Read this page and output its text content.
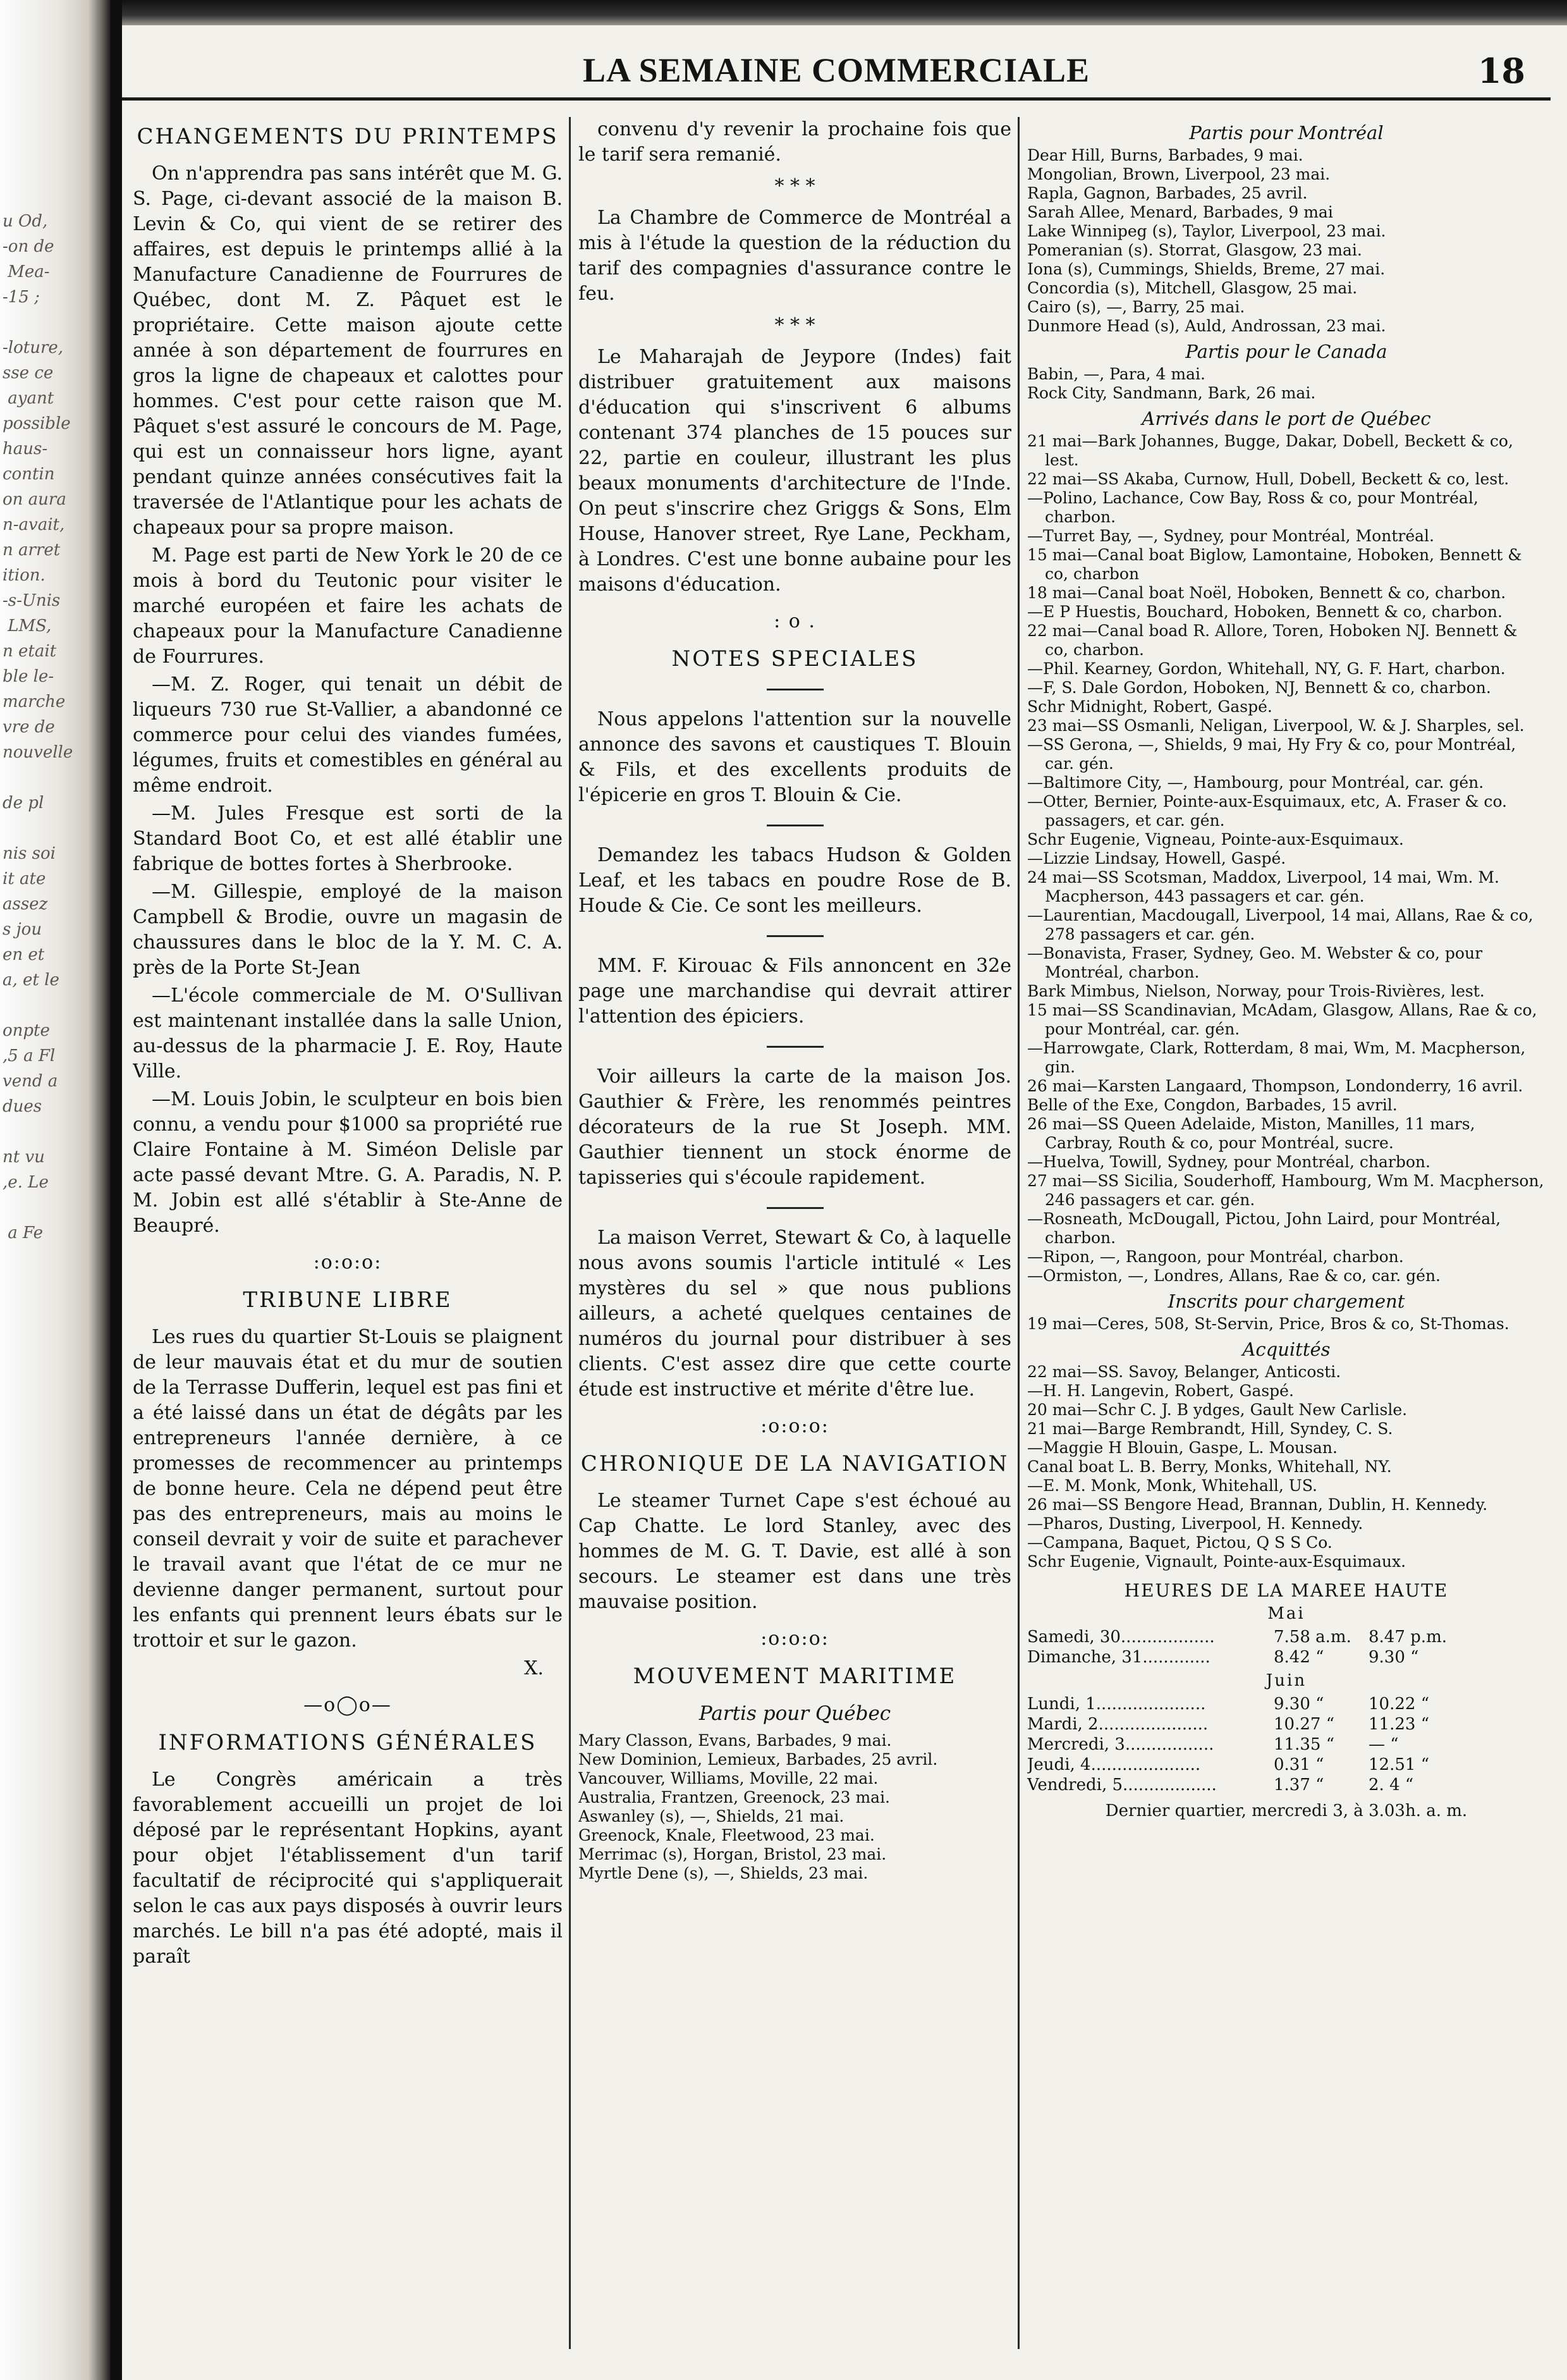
u Od,
-on de
Mea-
-15 ;

-loture,
sse ce
ayant
possible
haus-
contin
on aura
n-avait,
n arret
ition.
-s-Unis
LMS,
n etait
ble le-
marche
vre de
nouvelle

de pl

nis soi
it ate
assez
s jou
en et
a, et le

onpte
,5 a Fl
vend a
dues

nt vu
,e. Le

a Fe
LA SEMAINE COMMERCIALE	18
CHANGEMENTS DU PRINTEMPS

On n'apprendra pas sans intérêt que M. G. S. Page, ci-devant associé de la maison B. Levin & Co, qui vient de se retirer des affaires, est depuis le printemps allié à la Manufacture Canadienne de Fourrures de Québec, dont M. Z. Pâquet est le propriétaire. Cette maison ajoute cette année à son département de fourrures en gros la ligne de chapeaux et calottes pour hommes. C'est pour cette raison que M. Pâquet s'est assuré le concours de M. Page, qui est un connaisseur hors ligne, ayant pendant quinze années consécutives fait la traversée de l'Atlantique pour les achats de chapeaux pour sa propre maison.

M. Page est parti de New York le 20 de ce mois à bord du Teutonic pour visiter le marché européen et faire les achats de chapeaux pour la Manufacture Canadienne de Fourrures.

—M. Z. Roger, qui tenait un débit de liqueurs 730 rue St-Vallier, a abandonné ce commerce pour celui des viandes fumées, légumes, fruits et comestibles en général au même endroit.

—M. Jules Fresque est sorti de la Standard Boot Co, et est allé établir une fabrique de bottes fortes à Sherbrooke.

—M. Gillespie, employé de la maison Campbell & Brodie, ouvre un magasin de chaussures dans le bloc de la Y. M. C. A. près de la Porte St-Jean

—L'école commerciale de M. O'Sullivan est maintenant installée dans la salle Union, au-dessus de la pharmacie J. E. Roy, Haute Ville.

—M. Louis Jobin, le sculpteur en bois bien connu, a vendu pour $1000 sa propriété rue Claire Fontaine à M. Siméon Delisle par acte passé devant Mtre. G. A. Paradis, N. P. M. Jobin est allé s'établir à Ste-Anne de Beaupré.

:o:o:o:
TRIBUNE LIBRE

Les rues du quartier St-Louis se plaignent de leur mauvais état et du mur de soutien de la Terrasse Dufferin, lequel est pas fini et a été laissé dans un état de dégâts par les entrepreneurs l'année dernière, à ce promesses de recommencer au printemps de bonne heure. Cela ne dépend peut être pas des entrepreneurs, mais au moins le conseil devrait y voir de suite et parachever le travail avant que l'état de ce mur ne devienne danger permanent, surtout pour les enfants qui prennent leurs ébats sur le trottoir et sur le gazon.

X.
—o◯o—
INFORMATIONS GÉNÉRALES

Le Congrès américain a très favorablement accueilli un projet de loi déposé par le représentant Hopkins, ayant pour objet l'établissement d'un tarif facultatif de réciprocité qui s'appliquerait selon le cas aux pays disposés à ouvrir leurs marchés. Le bill n'a pas été adopté, mais il paraît

convenu d'y revenir la prochaine fois que le tarif sera remanié.

* * *

La Chambre de Commerce de Montréal a mis à l'étude la question de la réduction du tarif des compagnies d'assurance contre le feu.

* * *

Le Maharajah de Jeypore (Indes) fait distribuer gratuitement aux maisons d'éducation qui s'inscrivent 6 albums contenant 374 planches de 15 pouces sur 22, partie en couleur, illustrant les plus beaux monuments d'architecture de l'Inde. On peut s'inscrire chez Griggs & Sons, Elm House, Hanover street, Rye Lane, Peckham, à Londres. C'est une bonne aubaine pour les maisons d'éducation.

: o .
NOTES SPECIALES

Nous appelons l'attention sur la nouvelle annonce des savons et caustiques T. Blouin & Fils, et des excellents produits de l'épicerie en gros T. Blouin & Cie.

Demandez les tabacs Hudson & Golden Leaf, et les tabacs en poudre Rose de B. Houde & Cie. Ce sont les meilleurs.

MM. F. Kirouac & Fils annoncent en 32e page une marchandise qui devrait attirer l'attention des épiciers.

Voir ailleurs la carte de la maison Jos. Gauthier & Frère, les renommés peintres décorateurs de la rue St Joseph. MM. Gauthier tiennent un stock énorme de tapisseries qui s'écoule rapidement.

La maison Verret, Stewart & Co, à laquelle nous avons soumis l'article intitulé « Les mystères du sel » que nous publions ailleurs, a acheté quelques centaines de numéros du journal pour distribuer à ses clients. C'est assez dire que cette courte étude est instructive et mérite d'être lue.

:o:o:o:
CHRONIQUE DE LA NAVIGATION

Le steamer Turnet Cape s'est échoué au Cap Chatte. Le lord Stanley, avec des hommes de M. G. T. Davie, est allé à son secours. Le steamer est dans une très mauvaise position.

:o:o:o:
MOUVEMENT MARITIME
Partis pour Québec
Mary Classon, Evans, Barbades, 9 mai.
New Dominion, Lemieux, Barbades, 25 avril.
Vancouver, Williams, Moville, 22 mai.
Australia, Frantzen, Greenock, 23 mai.
Aswanley (s), —, Shields, 21 mai.
Greenock, Knale, Fleetwood, 23 mai.
Merrimac (s), Horgan, Bristol, 23 mai.
Myrtle Dene (s), —, Shields, 23 mai.
Partis pour Montréal
Dear Hill, Burns, Barbades, 9 mai.
Mongolian, Brown, Liverpool, 23 mai.
Rapla, Gagnon, Barbades, 25 avril.
Sarah Allee, Menard, Barbades, 9 mai
Lake Winnipeg (s), Taylor, Liverpool, 23 mai.
Pomeranian (s). Storrat, Glasgow, 23 mai.
Iona (s), Cummings, Shields, Breme, 27 mai.
Concordia (s), Mitchell, Glasgow, 25 mai.
Cairo (s), —, Barry, 25 mai.
Dunmore Head (s), Auld, Androssan, 23 mai.
Partis pour le Canada
Babin, —, Para, 4 mai.
Rock City, Sandmann, Bark, 26 mai.
Arrivés dans le port de Québec
21 mai—Bark Johannes, Bugge, Dakar, Dobell, Beckett & co, lest.
22 mai—SS Akaba, Curnow, Hull, Dobell, Beckett & co, lest.
—Polino, Lachance, Cow Bay, Ross & co, pour Montréal, charbon.
—Turret Bay, —, Sydney, pour Montréal, Montréal.
15 mai—Canal boat Biglow, Lamontaine, Hoboken, Bennett & co, charbon
18 mai—Canal boat Noël, Hoboken, Bennett & co, charbon.
—E P Huestis, Bouchard, Hoboken, Bennett & co, charbon.
22 mai—Canal boad R. Allore, Toren, Hoboken NJ. Bennett & co, charbon.
—Phil. Kearney, Gordon, Whitehall, NY, G. F. Hart, charbon.
—F, S. Dale Gordon, Hoboken, NJ, Bennett & co, charbon.
Schr Midnight, Robert, Gaspé.
23 mai—SS Osmanli, Neligan, Liverpool, W. & J. Sharples, sel.
—SS Gerona, —, Shields, 9 mai, Hy Fry & co, pour Montréal, car. gén.
—Baltimore City, —, Hambourg, pour Montréal, car. gén.
—Otter, Bernier, Pointe-aux-Esquimaux, etc, A. Fraser & co. passagers, et car. gén.
Schr Eugenie, Vigneau, Pointe-aux-Esquimaux.
—Lizzie Lindsay, Howell, Gaspé.
24 mai—SS Scotsman, Maddox, Liverpool, 14 mai, Wm. M. Macpherson, 443 passagers et car. gén.
—Laurentian, Macdougall, Liverpool, 14 mai, Allans, Rae & co, 278 passagers et car. gén.
—Bonavista, Fraser, Sydney, Geo. M. Webster & co, pour Montréal, charbon.
Bark Mimbus, Nielson, Norway, pour Trois-Rivières, lest.
15 mai—SS Scandinavian, McAdam, Glasgow, Allans, Rae & co, pour Montréal, car. gén.
—Harrowgate, Clark, Rotterdam, 8 mai, Wm, M. Macpherson, gin.
26 mai—Karsten Langaard, Thompson, Londonderry, 16 avril.
Belle of the Exe, Congdon, Barbades, 15 avril.
26 mai—SS Queen Adelaide, Miston, Manilles, 11 mars, Carbray, Routh & co, pour Montréal, sucre.
—Huelva, Towill, Sydney, pour Montréal, charbon.
27 mai—SS Sicilia, Souderhoff, Hambourg, Wm M. Macpherson, 246 passagers et car. gén.
—Rosneath, McDougall, Pictou, John Laird, pour Montréal, charbon.
—Ripon, —, Rangoon, pour Montréal, charbon.
—Ormiston, —, Londres, Allans, Rae & co, car. gén.
Inscrits pour chargement
19 mai—Ceres, 508, St-Servin, Price, Bros & co, St-Thomas.
Acquittés
22 mai—SS. Savoy, Belanger, Anticosti.
—H. H. Langevin, Robert, Gaspé.
20 mai—Schr C. J. B ydges, Gault New Carlisle.
21 mai—Barge Rembrandt, Hill, Syndey, C. S.
—Maggie H Blouin, Gaspe, L. Mousan.
Canal boat L. B. Berry, Monks, Whitehall, NY.
—E. M. Monk, Monk, Whitehall, US.
26 mai—SS Bengore Head, Brannan, Dublin, H. Kennedy.
—Pharos, Dusting, Liverpool, H. Kennedy.
—Campana, Baquet, Pictou, Q S S Co.
Schr Eugenie, Vignault, Pointe-aux-Esquimaux.
HEURES DE LA MAREE HAUTE
Mai
Samedi, 30..................	7.58 a.m.	8.47 p.m.
Dimanche, 31.............	8.42 “	9.30 “
Juin
Lundi, 1.....................	9.30 “	10.22 “
Mardi, 2.....................	10.27 “	11.23 “
Mercredi, 3.................	11.35 “	— “
Jeudi, 4.....................	0.31 “	12.51 “
Vendredi, 5..................	1.37 “	2. 4 “
Dernier quartier, mercredi 3, à 3.03h. a. m.
